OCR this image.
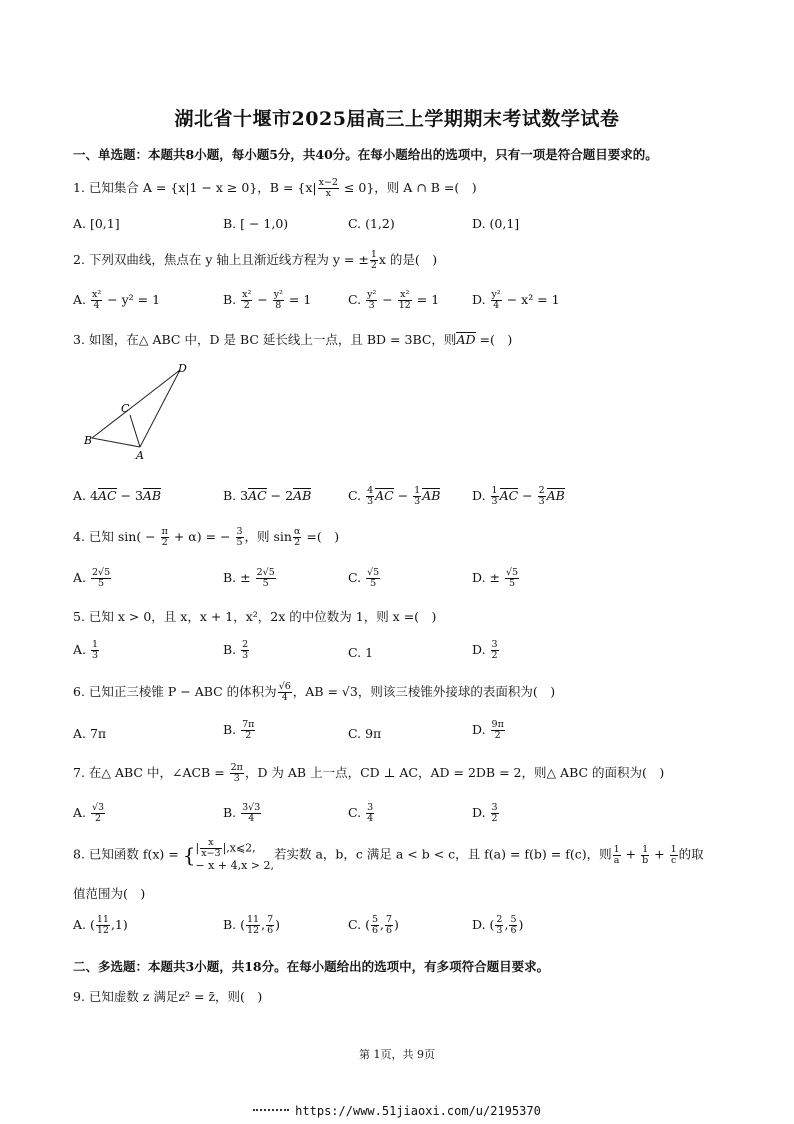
湖北省十堰市2025届高三上学期期末考试数学试卷
一、单选题：本题共8小题，每小题5分，共40分。在每小题给出的选项中，只有一项是符合题目要求的。
1. 已知集合 A = {x|1 − x ≥ 0}，$B = \{x| \frac{x-2}{x} \le 0\}$，则 A ∩ B =(　)
A. [0,1]	B. [ − 1,0)	C. (1,2)	D. (0,1]
2. 下列双曲线，焦点在 y 轴上且渐近线方程为 y = ± $\frac{1}{2}$ x 的是(　)
A. $\frac{\text{x²}}{4} - y^2 = 1$	B. $\frac{\text{x²}}{2} - \frac{\text{y²}}{8} = 1$	C. $\frac{\text{y²}}{3} - \frac{\text{x²}}{12} = 1$	D. $\frac{\text{y²}}{4} - x^2 = 1$
3. 如图，在△ ABC 中，D 是 BC 延长线上一点，且 BD = 3BC，则AD =(　)
D
C
B
A
A. 4AC − 3AB	B. 3AC − 2AB	C. $\frac{4}{3}$ AC − $\frac{1}{3}$ AB	D. $\frac{1}{3}$ AC − $\frac{2}{3}$ AB
4. 已知 $\sin( - \frac{\pi}{2} + \alpha)$ = − $\frac{3}{5}$ ，则 $\sin \frac{\alpha}{2}$ =(　)
A. $\frac{2√5}{5}$	B. ± $\frac{2√5}{5}$	C. $\frac{√5}{5}$	D. ± $\frac{√5}{5}$
5. 已知 x > 0，且 x，x + 1，x²，2x 的中位数为 1，则 x =(　)
A. $\frac{1}{3}$	B. $\frac{2}{3}$	C. 1	D. $\frac{3}{2}$
6. 已知正三棱锥 P − ABC 的体积为 $\frac{√6}{4}$ ，AB = √3，则该三棱锥外接球的表面积为(　)
A. 7π	B. $\frac{7\pi}{2}$	C. 9π	D. $\frac{9\pi}{2}$
7. 在△ ABC 中，∠ACB = $\frac{2\pi}{3}$ ，D 为 AB 上一点，CD ⊥ AC，AD = 2DB = 2，则△ ABC 的面积为(　)
A. $\frac{√3}{2}$	B. $\frac{3√3}{4}$	C. $\frac{3}{4}$	D. $\frac{3}{2}$
8. 已知函数 f(x) = { | $\frac{x}{x-3}$ |,x⩽2,
− x + 4,x > 2,
若实数 a，b，c 满足 a < b < c，且 f(a) = f(b) = f(c)，则 $\frac{1}{a} + \frac{1}{b} + \frac{1}{c}$ 的取
值范围为(　)
A. ( $\frac{11}{12} ,1$)	B. ( $\frac{11}{12}$ , $\frac{7}{6}$ )	C. ( $\frac{5}{6}$ , $\frac{7}{6}$ )	D. ( $\frac{2}{3}$ , $\frac{5}{6}$ )
二、多选题：本题共3小题，共18分。在每小题给出的选项中，有多项符合题目要求。
9. 已知虚数 z 满足z² = z̄，则(　)
第 1页，共 9页
https://www.51jiaoxi.com/u/2195370
